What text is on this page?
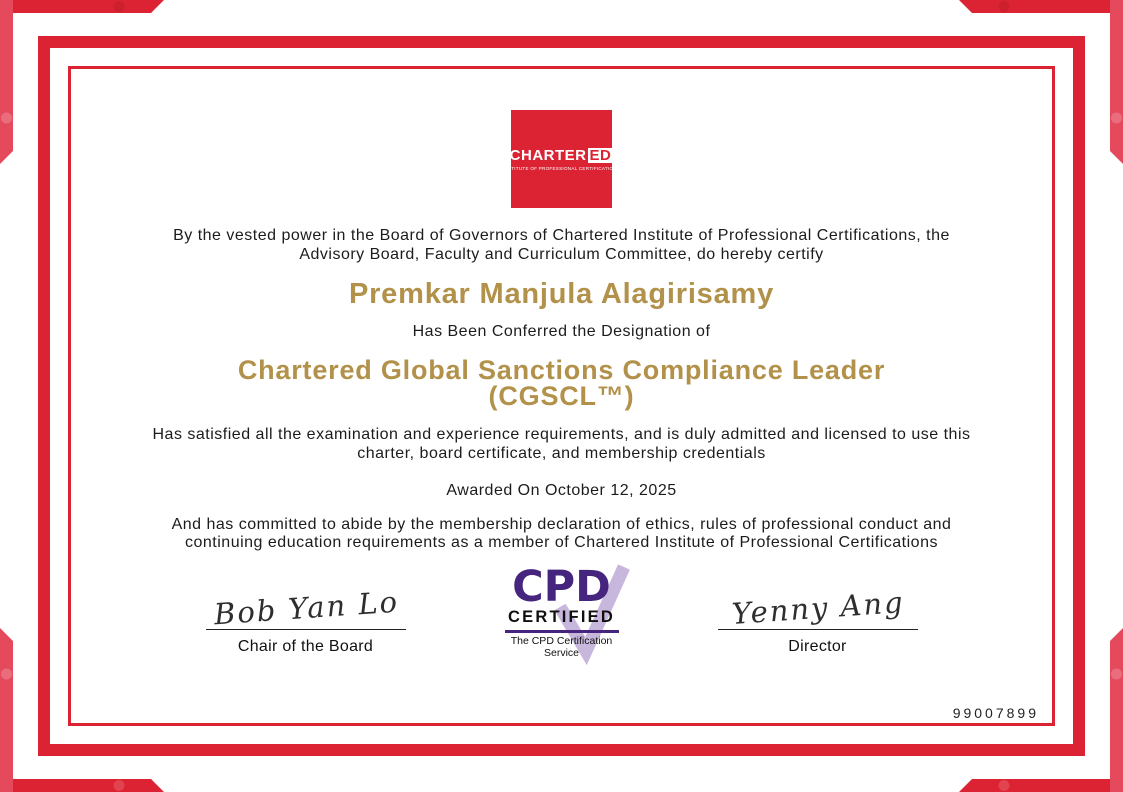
CHARTER ED
INSTITUTE OF PROFESSIONAL CERTIFICATIONS

By the vested power in the Board of Governors of Chartered Institute of Professional Certifications, the Advisory Board, Faculty and Curriculum Committee, do hereby certify

Premkar Manjula Alagirisamy

Has Been Conferred the Designation of

Chartered Global Sanctions Compliance Leader
(CGSCL™)

Has satisfied all the examination and experience requirements, and is duly admitted and licensed to use this charter, board certificate, and membership credentials

Awarded On October 12, 2025

And has committed to abide by the membership declaration of ethics, rules of professional conduct and continuing education requirements as a member of Chartered Institute of Professional Certifications

Bob Yan Lo
Chair of the Board
CPD
CERTIFIED
The CPD Certification
Service
Yenny Ang
Director
99007899
